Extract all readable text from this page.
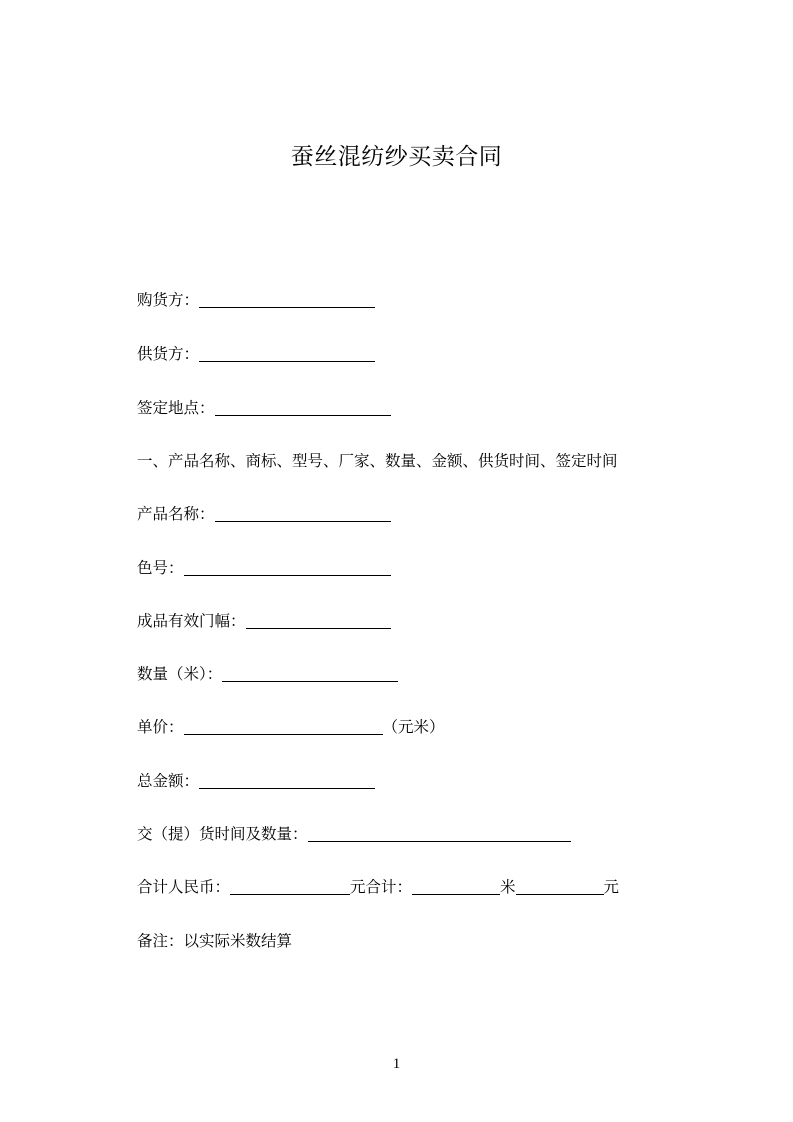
蚕丝混纺纱买卖合同
购货方：
供货方：
签定地点：
一、产品名称、商标、型号、厂家、数量、金额、供货时间、签定时间
产品名称：
色号：
成品有效门幅：
数量（米）：
单价：	（元米）
总金额：
交（提）货时间及数量：
合计人民币：	元合计：	米	元
备注：以实际米数结算
1
